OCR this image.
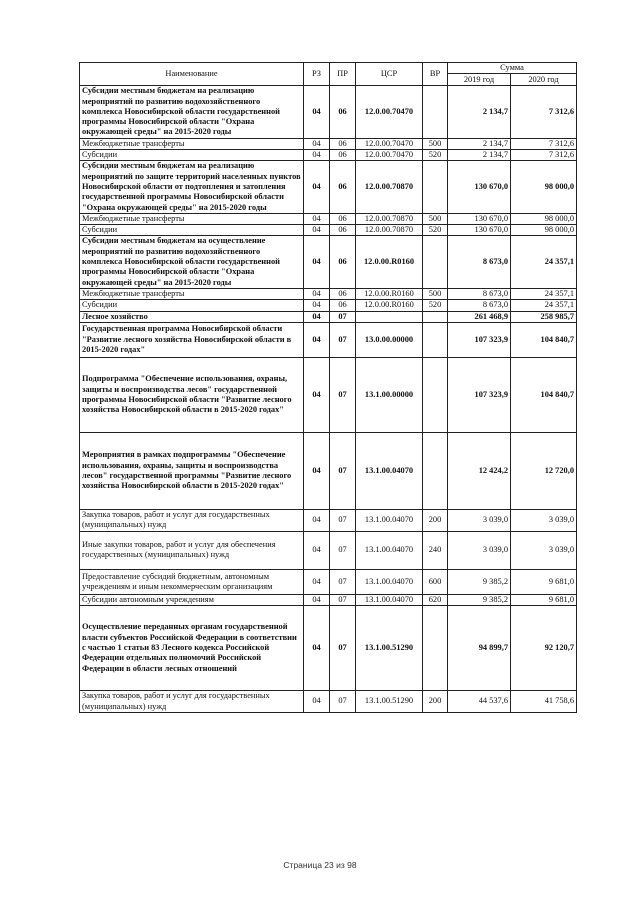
Наименование	РЗ	ПР	ЦСР	ВР	Сумма	
					2019 год	2020 год
Субсидии местным бюджетам на реализацию мероприятий по развитию водохозяйственного комплекса Новосибирской области государственной программы Новосибирской области "Охрана окружающей среды" на 2015-2020 годы	04	06	12.0.00.70470		2 134,7	7 312,6
Межбюджетные трансферты	04	06	12.0.00.70470	500	2 134,7	7 312,6
Субсидии	04	06	12.0.00.70470	520	2 134,7	7 312,6
Субсидии местным бюджетам на реализацию мероприятий по защите территорий населенных пунктов Новосибирской области от подтопления и затопления государственной программы Новосибирской области "Охрана окружающей среды" на 2015-2020 годы	04	06	12.0.00.70870		130 670,0	98 000,0
Межбюджетные трансферты	04	06	12.0.00.70870	500	130 670,0	98 000,0
Субсидии	04	06	12.0.00.70870	520	130 670,0	98 000,0
Субсидии местным бюджетам на осуществление мероприятий по развитию водохозяйственного комплекса Новосибирской области государственной программы Новосибирской области "Охрана окружающей среды" на 2015-2020 годы	04	06	12.0.00.R0160		8 673,0	24 357,1
Межбюджетные трансферты	04	06	12.0.00.R0160	500	8 673,0	24 357,1
Субсидии	04	06	12.0.00.R0160	520	8 673,0	24 357,1
Лесное хозяйство	04	07			261 468,9	258 985,7
Государственная программа Новосибирской области "Развитие лесного хозяйства Новосибирской области в 2015-2020 годах"	04	07	13.0.00.00000		107 323,9	104 840,7
Подпрограмма "Обеспечение использования, охраны, защиты и воспроизводства лесов" государственной программы Новосибирской области "Развитие лесного хозяйства Новосибирской области в 2015-2020 годах"	04	07	13.1.00.00000		107 323,9	104 840,7
Мероприятия в рамках подпрограммы "Обеспечение использования, охраны, защиты и воспроизводства лесов" государственной программы "Развитие лесного хозяйства Новосибирской области в 2015-2020 годах"	04	07	13.1.00.04070		12 424,2	12 720,0
Закупка товаров, работ и услуг для государственных (муниципальных) нужд	04	07	13.1.00.04070	200	3 039,0	3 039,0
Иные закупки товаров, работ и услуг для обеспечения государственных (муниципальных) нужд	04	07	13.1.00.04070	240	3 039,0	3 039,0
Предоставление субсидий бюджетным, автономным учреждениям и иным некоммерческим организациям	04	07	13.1.00.04070	600	9 385,2	9 681,0
Субсидии автономным учреждениям	04	07	13.1.00.04070	620	9 385,2	9 681,0
Осуществление переданных органам государственной власти субъектов Российской Федерации в соответствии с частью 1 статьи 83 Лесного кодекса Российской Федерации отдельных полномочий Российской Федерации в области лесных отношений	04	07	13.1.00.51290		94 899,7	92 120,7
Закупка товаров, работ и услуг для государственных (муниципальных) нужд	04	07	13.1.00.51290	200	44 537,6	41 758,6
Страница 23 из 98
